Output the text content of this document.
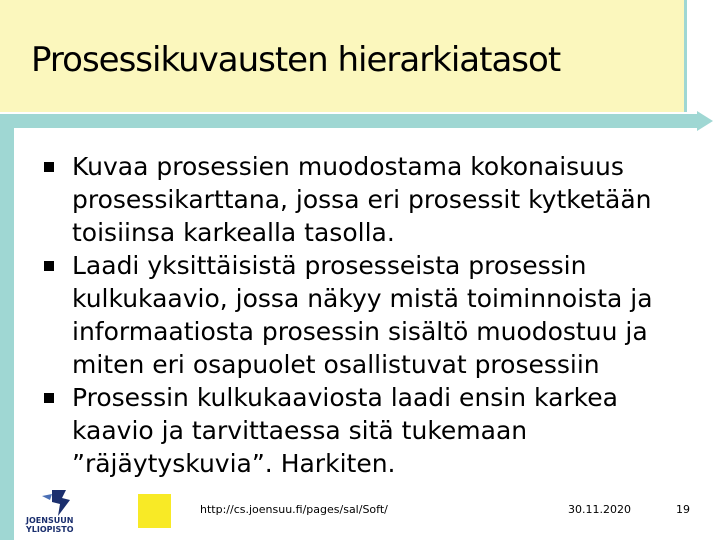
Prosessikuvausten hierarkiatasot
Kuvaa prosessien muodostama kokonaisuus prosessikarttana, jossa eri prosessit kytketään toisiinsa karkealla tasolla.
Laadi yksittäisistä prosesseista prosessin kulkukaavio, jossa näkyy mistä toiminnoista ja informaatiosta prosessin sisältö muodostuu ja miten eri osapuolet osallistuvat prosessiin
Prosessin kulkukaaviosta laadi ensin karkea kaavio ja tarvittaessa sitä tukemaan ”räjäytyskuvia”. Harkiten.
JOENSUUN
YLIOPISTO
http://cs.joensuu.fi/pages/sal/Soft/	30.11.2020	19
